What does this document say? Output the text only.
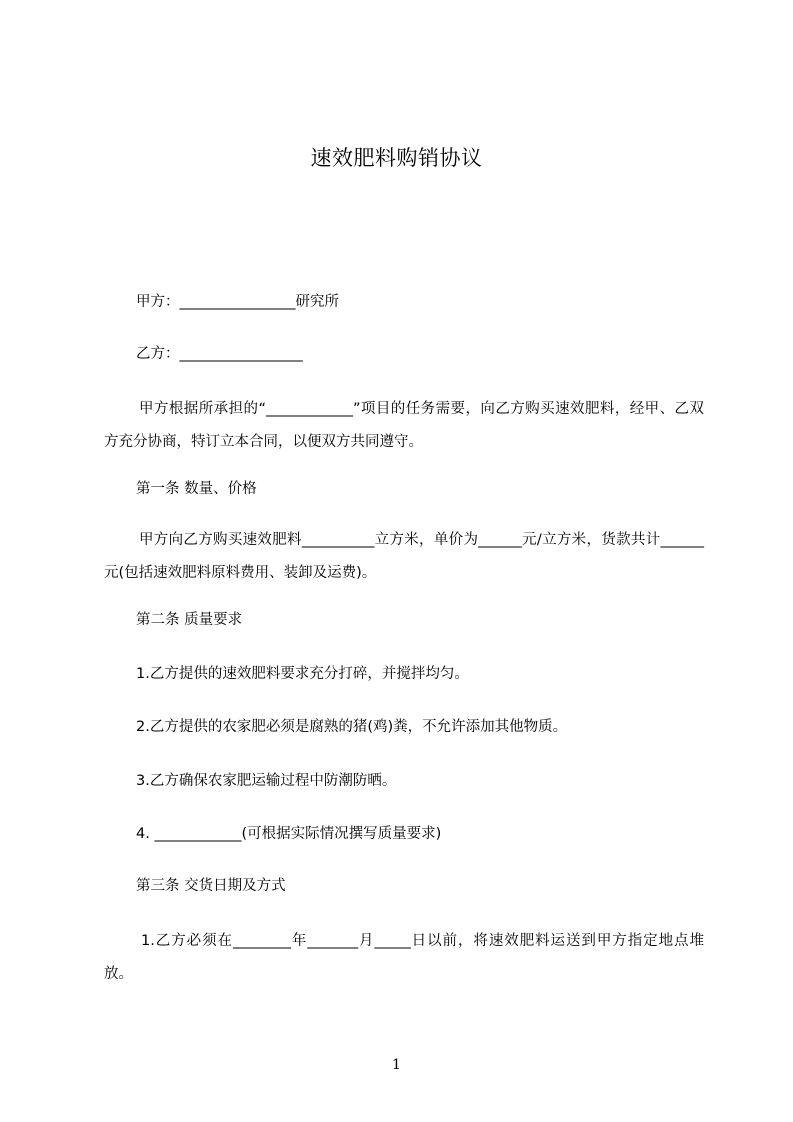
速效肥料购销协议
甲方：________________研究所
乙方：_________________
甲方根据所承担的“____________”项目的任务需要，向乙方购买速效肥料，经甲、乙双方充分协商，特订立本合同，以便双方共同遵守。
第一条 数量、价格
甲方向乙方购买速效肥料__________立方米，单价为______元/立方米，货款共计______元(包括速效肥料原料费用、装卸及运费)。
第二条 质量要求
1.乙方提供的速效肥料要求充分打碎，并搅拌均匀。
2.乙方提供的农家肥必须是腐熟的猪(鸡)粪，不允许添加其他物质。
3.乙方确保农家肥运输过程中防潮防晒。
4. ____________(可根据实际情况撰写质量要求)
第三条 交货日期及方式
1.乙方必须在________年_______月_____日以前，将速效肥料运送到甲方指定地点堆放。
1
